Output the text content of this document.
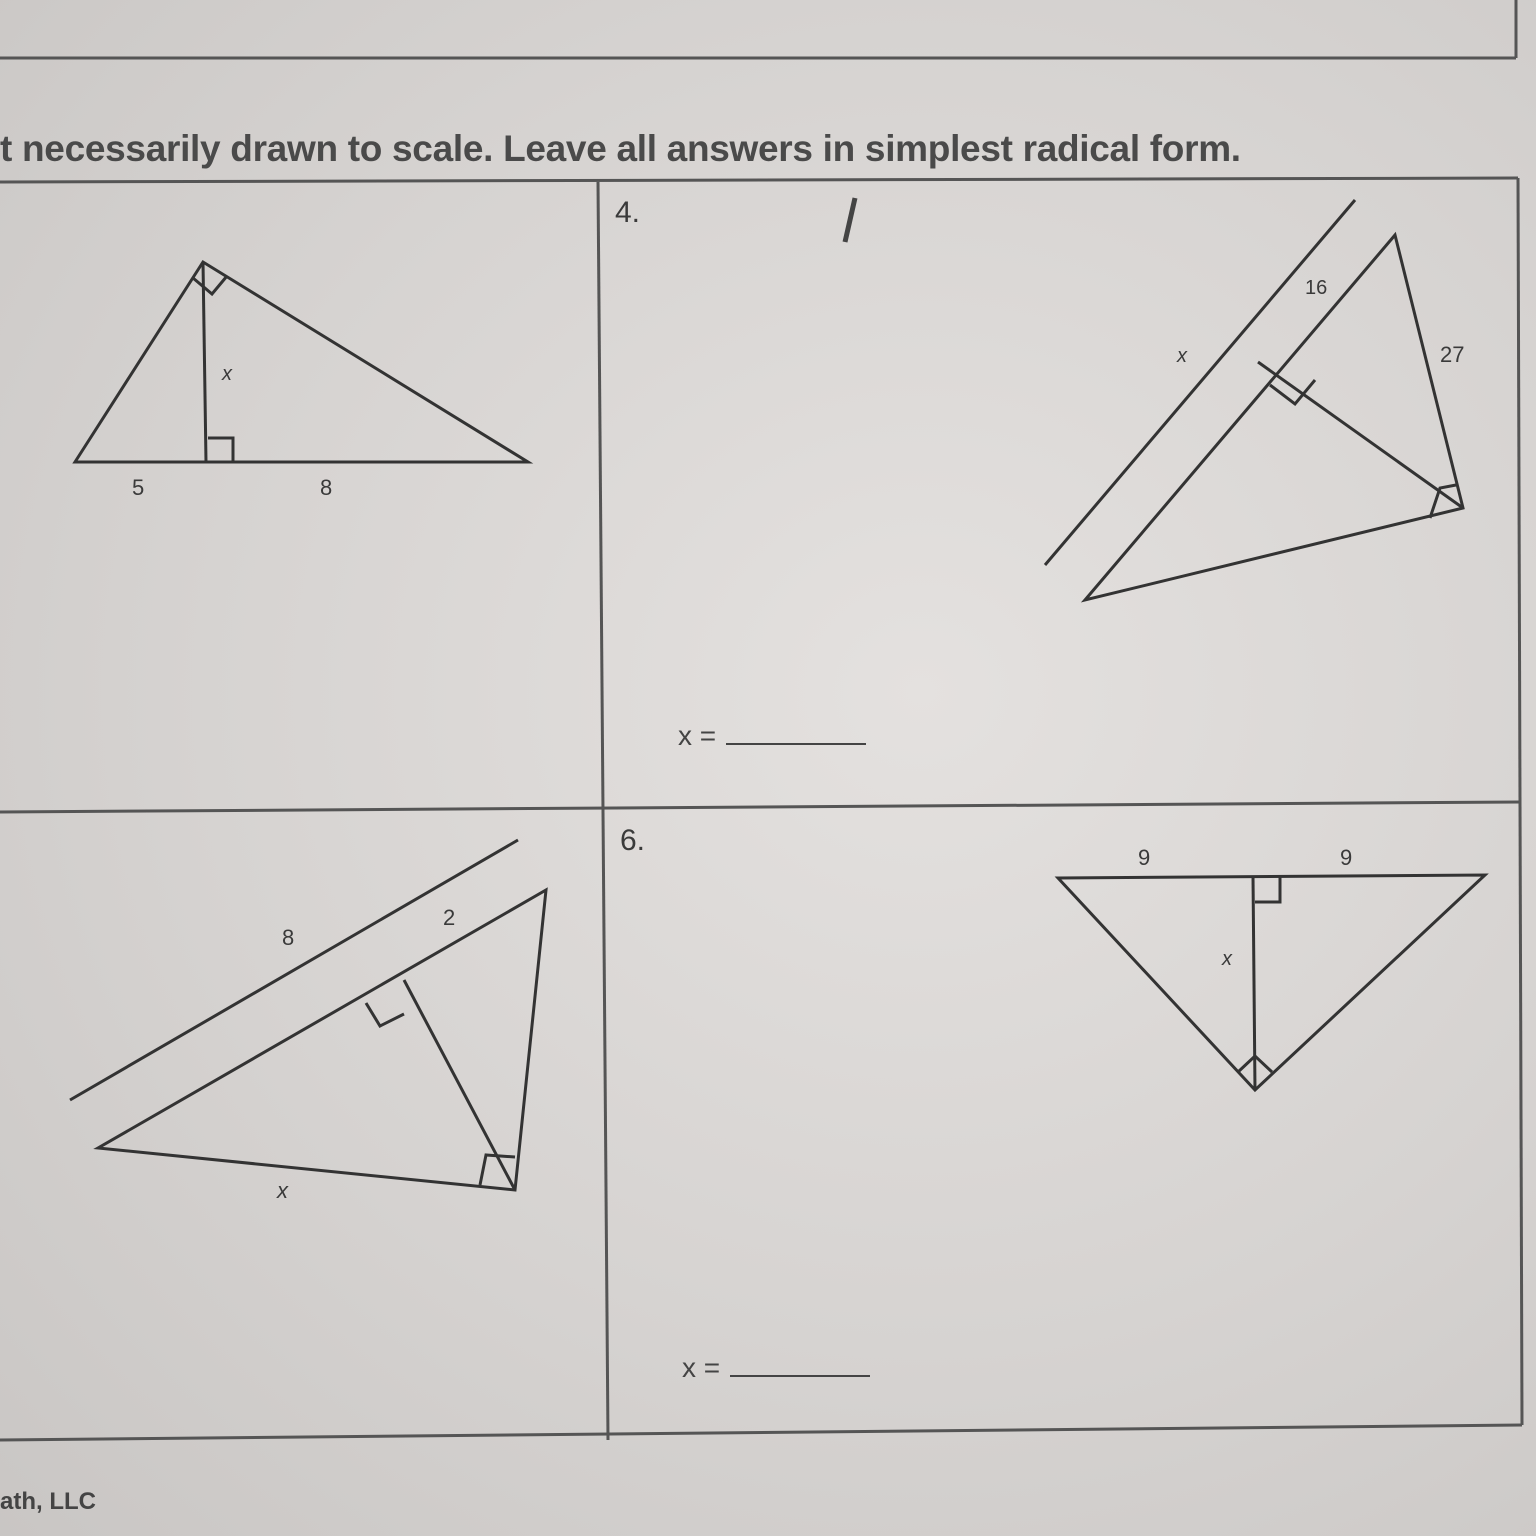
t necessarily drawn to scale. Leave all answers in simplest radical form.
x
5	8
4.
16
x	27
8
2
x
6.
9	9
x
x =
x =
ath, LLC
